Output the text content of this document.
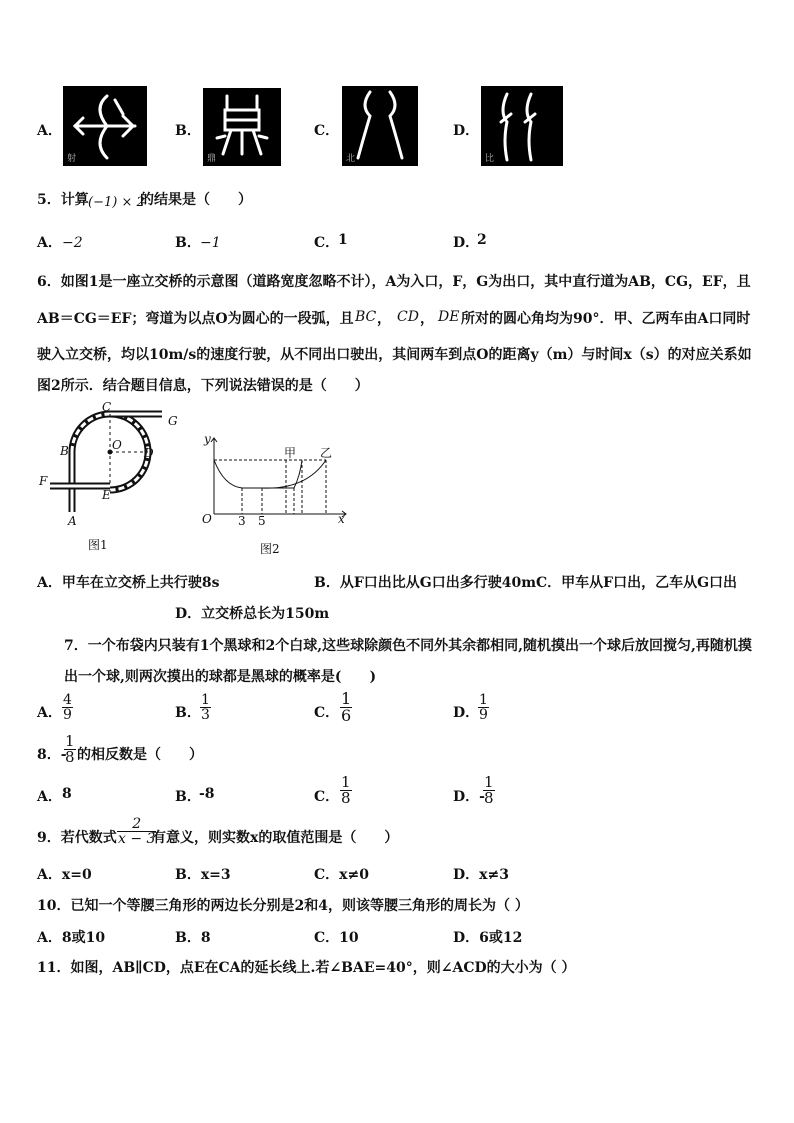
A．
射
B．
鼎
C．
北
D．
比
5．计算 (−1) × 2
的结果是（　　）
A． −2	B． −1	C．
1	D．
2
6．如图1是一座立交桥的示意图（道路宽度忽略不计），A为入口，F，G为出口，其中直行道为AB，CG，EF，且
AB＝CG＝EF；弯道为以点O为圆心的一段弧，且 BC ， CD ， DE 所对的圆心角均为90°．甲、乙两车由A口同时
驶入立交桥，均以10m/s的速度行驶，从不同出口驶出，其间两车到点O的距离y（m）与时间x（s）的对应关系如
图2所示．结合题目信息，下列说法错误的是（　　）
C
G
B	O
D
F
E
A
图1
y
x
O 3 5
甲 乙
图2
A．甲车在立交桥上共行驶8s	B．从F口出比从G口出多行驶40mC．甲车从F口出，乙车从G口出
D．立交桥总长为150m
7．一个布袋内只装有1个黑球和2个白球,这些球除颜色不同外其余都相同,随机摸出一个球后放回搅匀,再随机摸
出一个球,则两次摸出的球都是黑球的概率是(　　)
A． $\frac{4}{9}$	B． $\frac{1}{3}$	C． $\frac{1}{6}$	D．
$\frac{1}{9}$
8．-
$\frac{1}{8}$ 的相反数是（　　）
A． 8	B．
-8	C． $\frac{1}{8}$	D．-
$\frac{1}{8}$
9．若代数式 $\frac{2}{x - 3}$
有意义，则实数x的取值范围是（　　）
A．x=0	B．x=3	C．x≠0	D．x≠3
10．已知一个等腰三角形的两边长分别是2和4，则该等腰三角形的周长为（ ）
A．8或10	B．8	C．10	D．6或12
11．如图，AB∥CD，点E在CA的延长线上.若∠BAE=40°，则∠ACD的大小为（ ）
